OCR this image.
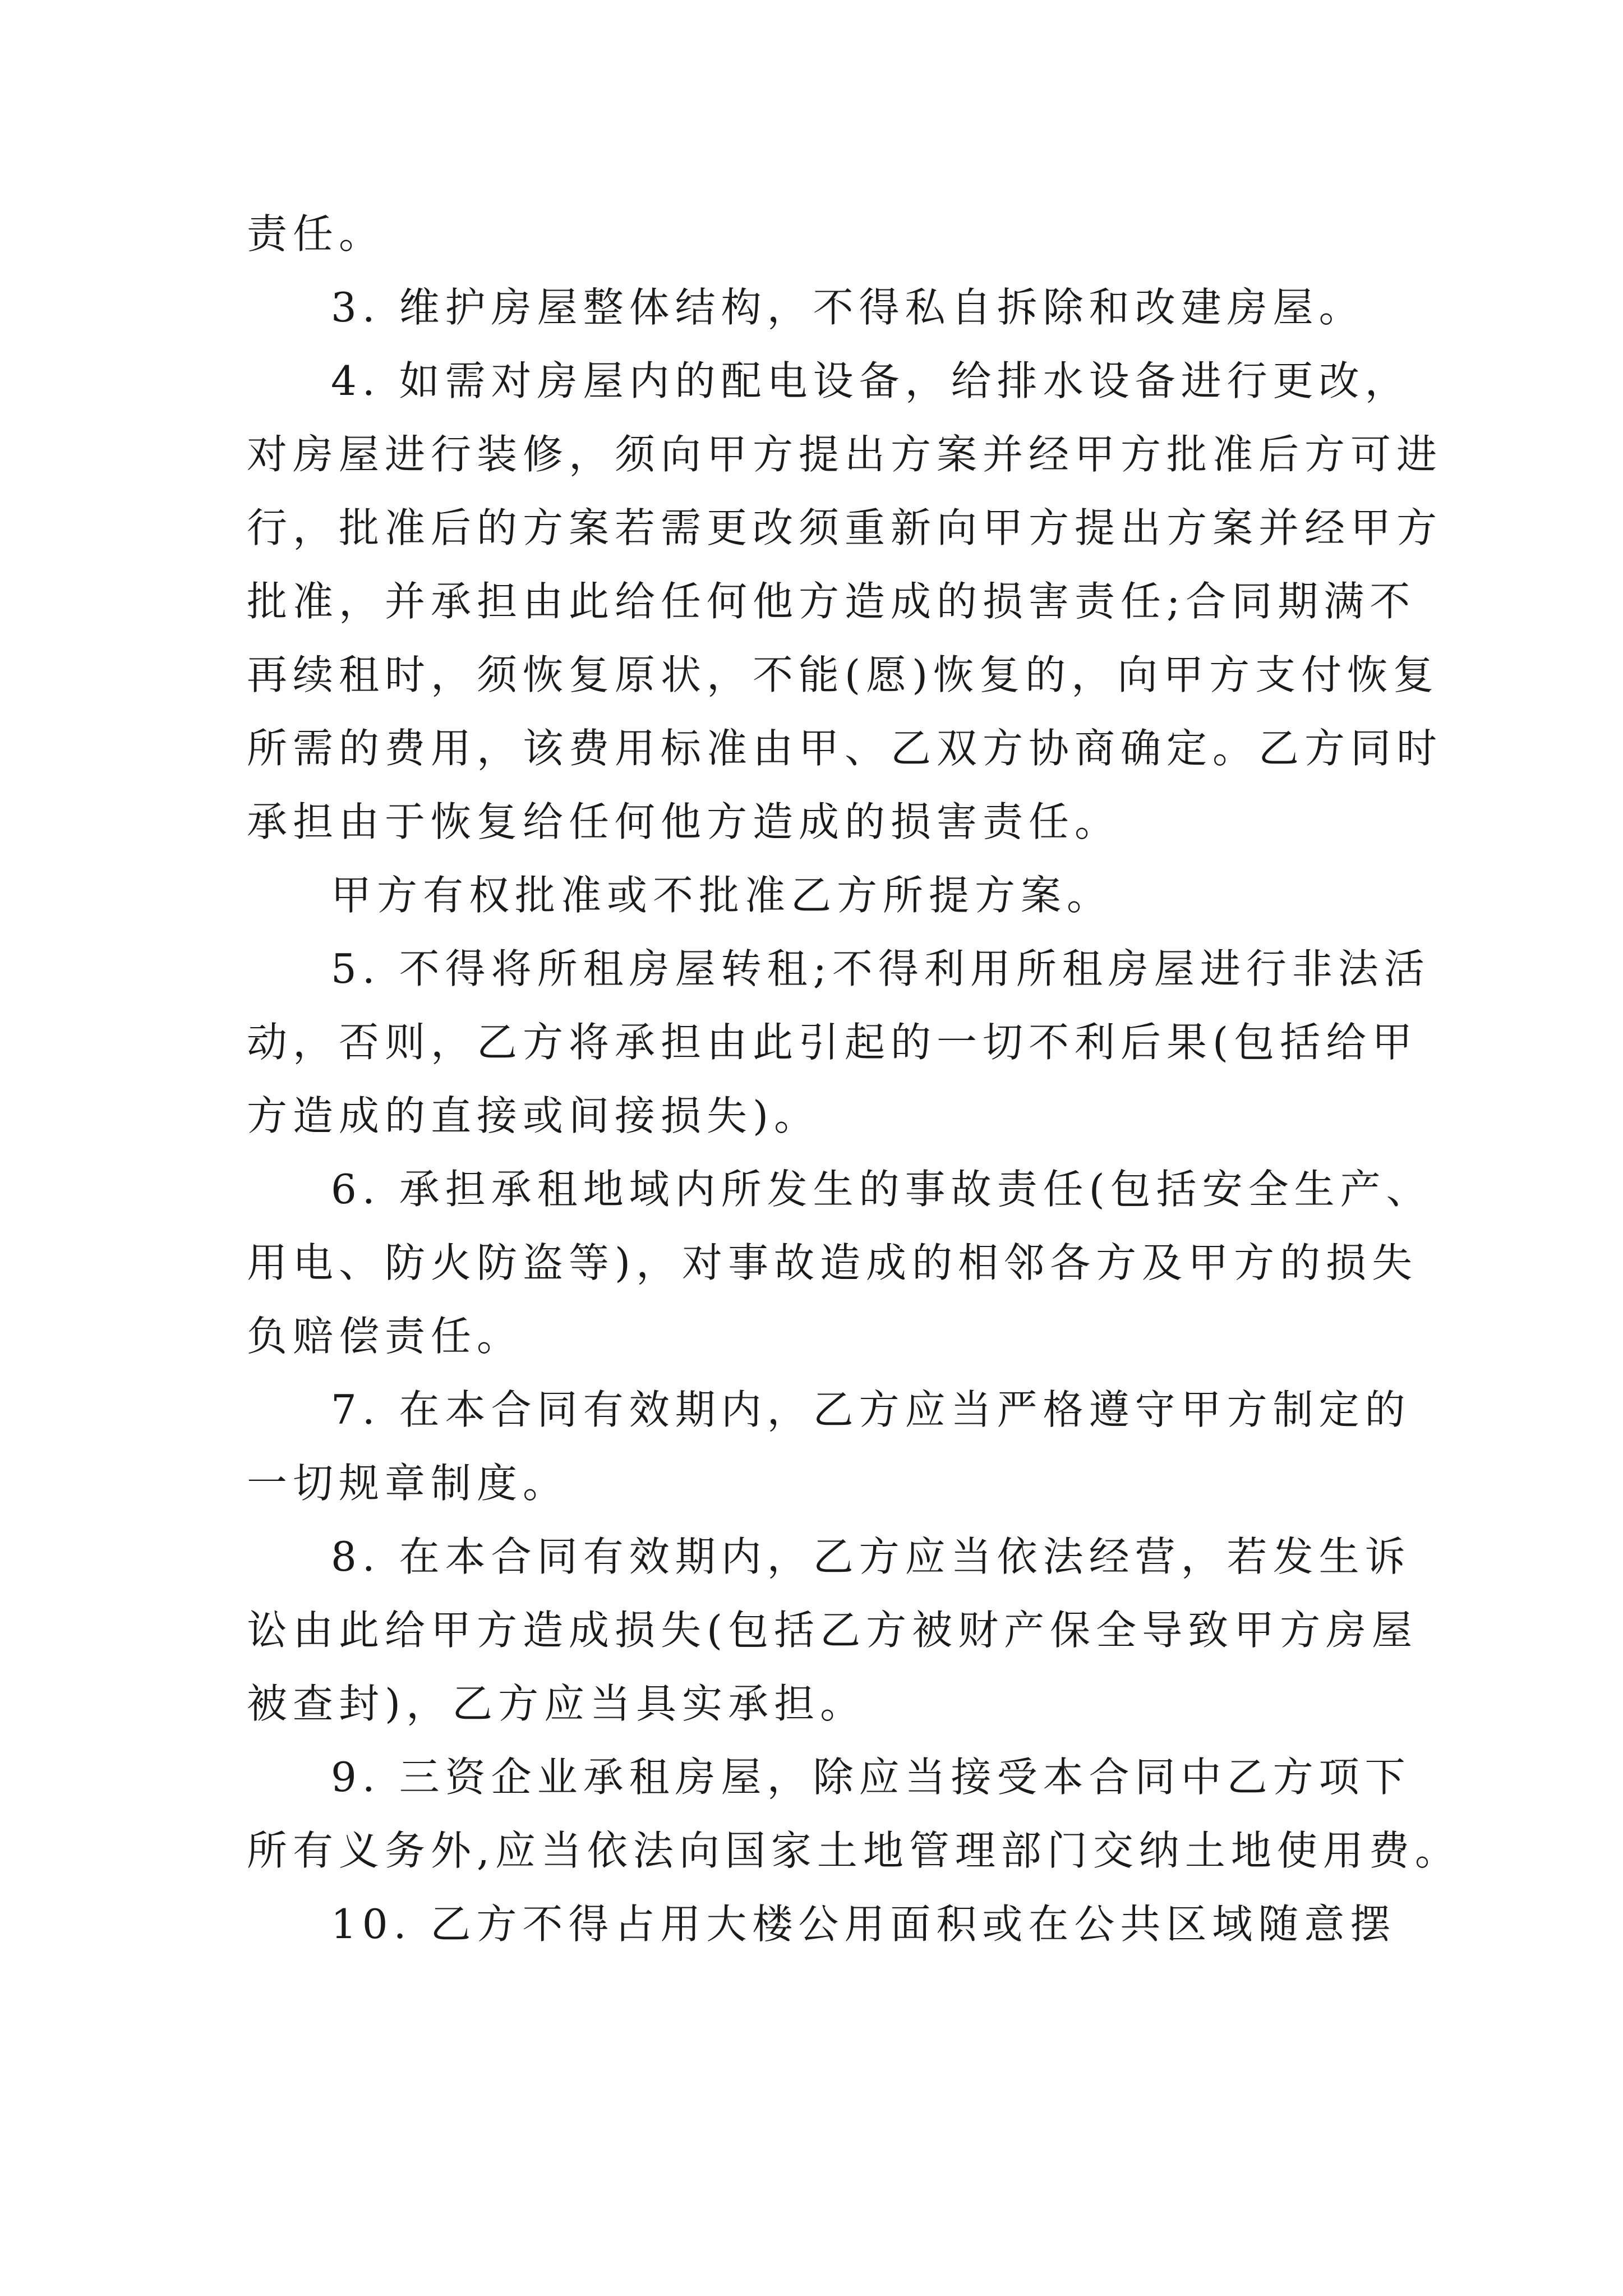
责任。
3. 维护房屋整体结构，不得私自拆除和改建房屋。
4. 如需对房屋内的配电设备，给排水设备进行更改，
对房屋进行装修，须向甲方提出方案并经甲方批准后方可进
行，批准后的方案若需更改须重新向甲方提出方案并经甲方
批准，并承担由此给任何他方造成的损害责任;合同期满不
再续租时，须恢复原状，不能(愿)恢复的，向甲方支付恢复
所需的费用，该费用标准由甲、乙双方协商确定。乙方同时
承担由于恢复给任何他方造成的损害责任。
甲方有权批准或不批准乙方所提方案。
5. 不得将所租房屋转租;不得利用所租房屋进行非法活
动，否则，乙方将承担由此引起的一切不利后果(包括给甲
方造成的直接或间接损失)。
6. 承担承租地域内所发生的事故责任(包括安全生产、
用电、防火防盗等)，对事故造成的相邻各方及甲方的损失
负赔偿责任。
7. 在本合同有效期内，乙方应当严格遵守甲方制定的
一切规章制度。
8. 在本合同有效期内，乙方应当依法经营，若发生诉
讼由此给甲方造成损失(包括乙方被财产保全导致甲方房屋
被查封)，乙方应当具实承担。
9. 三资企业承租房屋，除应当接受本合同中乙方项下
所有义务外,应当依法向国家土地管理部门交纳土地使用费。
10. 乙方不得占用大楼公用面积或在公共区域随意摆
